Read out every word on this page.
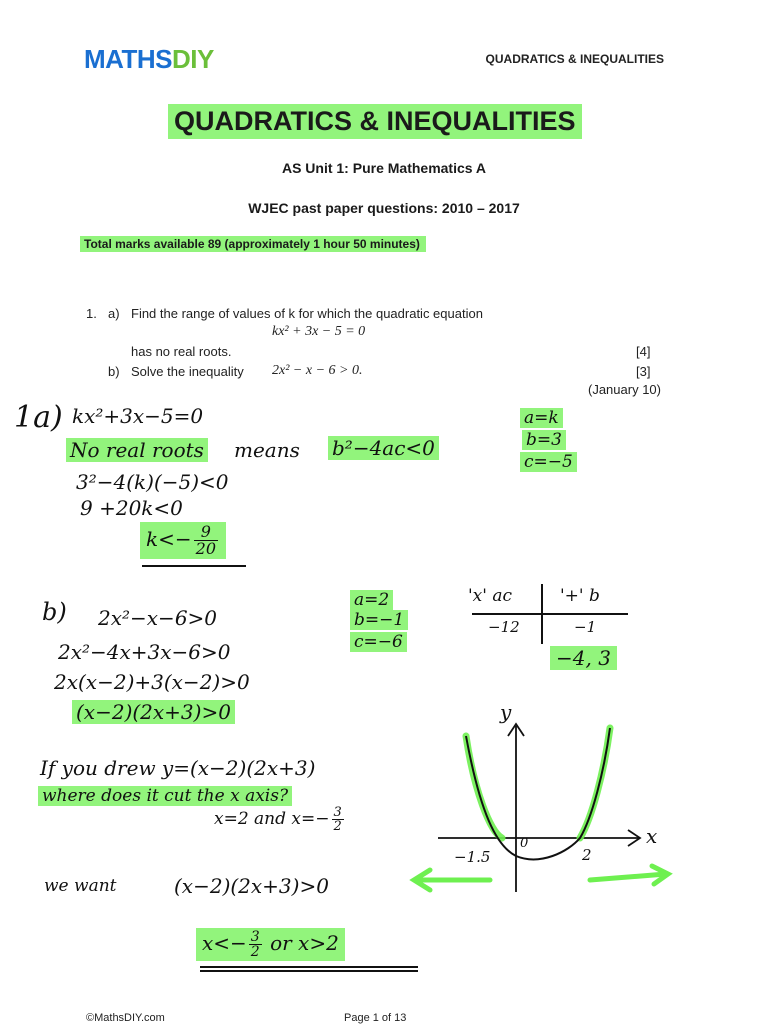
MATHSDIY	QUADRATICS & INEQUALITIES
QUADRATICS & INEQUALITIES
AS Unit 1: Pure Mathematics A
WJEC past paper questions: 2010 – 2017
Total marks available 89 (approximately 1 hour 50 minutes)
1. a) Find the range of values of k for which the quadratic equation
kx² + 3x − 5 = 0
has no real roots.	[4]
b) Solve the inequality 2x² − x − 6 > 0.	[3]
(January 10)
1a) kx²+3x−5=0
No real roots means b²−4ac<0
3²−4(k)(−5)<0
9 +20k<0
$k<- \frac{9}{20}$
a=k
b=3
c=−5
b) 2x²−x−6>0
2x²−4x+3x−6>0
2x(x−2)+3(x−2)>0
(x−2)(2x+3)>0
a=2
b=−1
c=−6
'x' ac	'+' b
−12	−1
−4, 3
If you drew y=(x−2)(2x+3)
where does it cut the x axis?
x=2 and $x=- \frac{3}{2}$
we want	(x−2)(2x+3)>0
$x<- \frac{3}{2}$ or x>2
y
x
0
−1.5	2
©MathsDIY.com	Page 1 of 13
